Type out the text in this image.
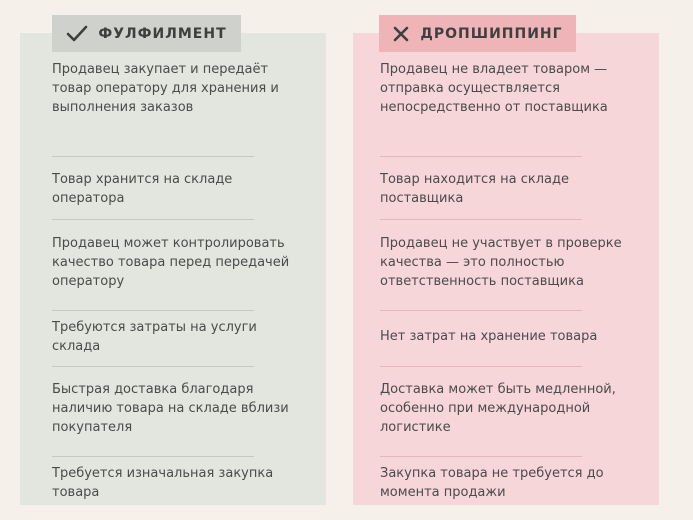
Продавец закупает и передаёт товар оператору для хранения и выполнения заказов
Товар хранится на складе оператора
Продавец может контролировать качество товара перед передачей оператору
Требуются затраты на услуги склада
Быстрая доставка благодаря наличию товара на складе вблизи покупателя
Требуется изначальная закупка товара
ФУЛФИЛМЕНТ
Продавец не владеет товаром — отправка осуществляется непосредственно от поставщика
Товар находится на складе поставщика
Продавец не участвует в проверке качества — это полностью ответственность поставщика
Нет затрат на хранение товара
Доставка может быть медленной, особенно при международной логистике
Закупка товара не требуется до момента продажи
ДРОПШИППИНГ
